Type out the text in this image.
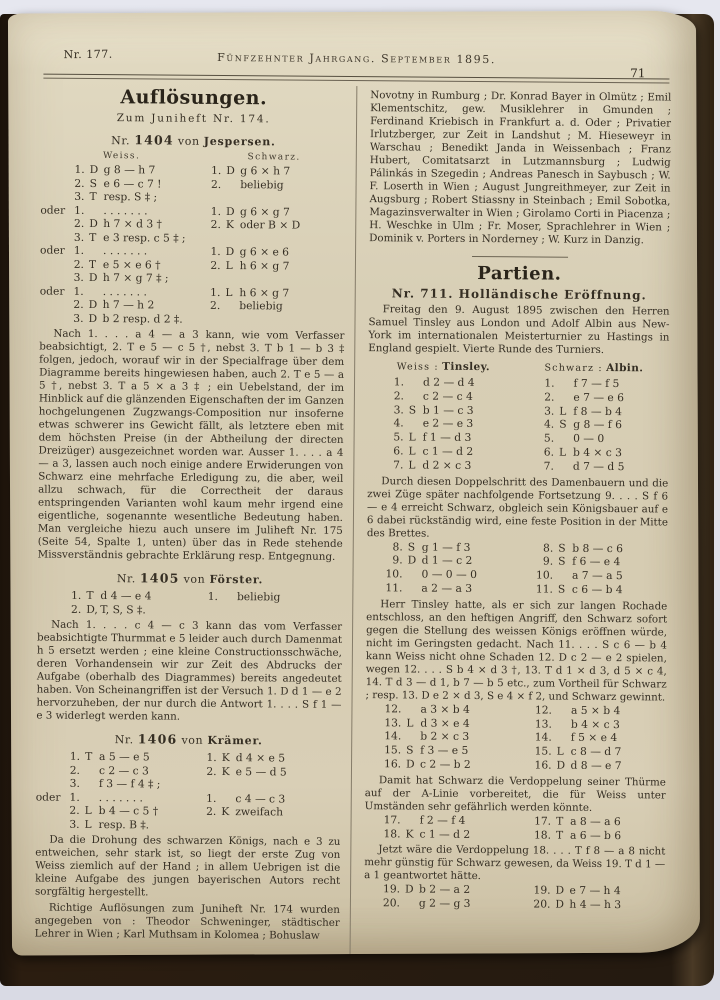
Nr. 177.	Fünfzehnter Jahrgang. September 1895.
71
Auflösungen.
Zum Juniheft Nr. 174.
Nr. 1404 von Jespersen.
Weiss.	Schwarz.
1. D g 8 — h 7	1. D g 6 × h 7
2. S e 6 — c 7 !	2. beliebig
3. T resp. S ‡ ;
oder 1. . . . . . . .	1. D g 6 × g 7
2. D h 7 × d 3 †	2. K oder B × D
3. T e 3 resp. c 5 ‡ ;
oder 1. . . . . . . .	1. D g 6 × e 6
2. T e 5 × e 6 †	2. L h 6 × g 7
3. D h 7 × g 7 ‡ ;
oder 1. . . . . . . .	1. L h 6 × g 7
2. D h 7 — h 2	2. beliebig
3. D b 2 resp. d 2 ‡.

Nach 1. . . . a 4 — a 3 kann, wie vom Verfasser beabsichtigt, 2. T e 5 — c 5 †, nebst 3. T b 1 — b 3 ‡ folgen, jedoch, worauf wir in der Specialfrage über dem Diagramme bereits hingewiesen haben, auch 2. T e 5 — a 5 †, nebst 3. T a 5 × a 3 ‡ ; ein Uebelstand, der im Hinblick auf die glänzenden Eigenschaften der im Ganzen hochgelungenen Zugzwangs-Composition nur insoferne etwas schwerer ins Gewicht fällt, als letztere eben mit dem höchsten Preise (in der Abtheilung der directen Dreizüger) ausgezeichnet worden war. Ausser 1. . . . a 4 — a 3, lassen auch noch einige andere Erwiderungen von Schwarz eine mehrfache Erledigung zu, die aber, weil allzu schwach, für die Correctheit der daraus entspringenden Varianten wohl kaum mehr irgend eine eigentliche, sogenannte wesentliche Bedeutung haben. Man vergleiche hiezu auch unsere im Juliheft Nr. 175 (Seite 54, Spalte 1, unten) über das in Rede stehende Missverständnis gebrachte Erklärung resp. Entgegnung.

Nr. 1405 von Förster.
1. T d 4 — e 4	1. beliebig
2. D, T, S, S ‡.

Nach 1. . . . c 4 — c 3 kann das vom Verfasser beabsichtigte Thurmmat e 5 leider auch durch Damenmat h 5 ersetzt werden ; eine kleine Constructionsschwäche, deren Vorhandensein wir zur Zeit des Abdrucks der Aufgabe (oberhalb des Diagrammes) bereits angedeutet haben. Von Scheinangriffen ist der Versuch 1. D d 1 — e 2 hervorzuheben, der nur durch die Antwort 1. . . . S f 1 — e 3 widerlegt werden kann.

Nr. 1406 von Krämer.
1. T a 5 — e 5	1. K d 4 × e 5
2. c 2 — c 3	2. K e 5 — d 5
3. f 3 — f 4 ‡ ;
oder 1. . . . . . . .	1. c 4 — c 3
2. L b 4 — c 5 †	2. K zweifach
3. L resp. B ‡.

Da die Drohung des schwarzen Königs, nach e 3 zu entweichen, sehr stark ist, so liegt der erste Zug von Weiss ziemlich auf der Hand ; in allem Uebrigen ist die kleine Aufgabe des jungen bayerischen Autors recht sorgfältig hergestellt.

Richtige Auflösungen zum Juniheft Nr. 174 wurden angegeben von : Theodor Schweninger, städtischer Lehrer in Wien ; Karl Muthsam in Kolomea ; Bohuslaw

Novotny in Rumburg ; Dr. Konrad Bayer in Olmütz ; Emil Klementschitz, gew. Musiklehrer in Gmunden ; Ferdinand Kriebisch in Frankfurt a. d. Oder ; Privatier Irlutzberger, zur Zeit in Landshut ; M. Hieseweyr in Warschau ; Benedikt Janda in Weissenbach ; Franz Hubert, Comitatsarzt in Lutzmannsburg ; Ludwig Pálinkás in Szegedin ; Andreas Panesch in Saybusch ; W. F. Loserth in Wien ; August Jungreithmeyer, zur Zeit in Augsburg ; Robert Stiassny in Steinbach ; Emil Sobotka, Magazinsverwalter in Wien ; Girolamo Corti in Piacenza ; H. Weschke in Ulm ; Fr. Moser, Sprachlehrer in Wien ; Dominik v. Porters in Norderney ; W. Kurz in Danzig.

Partien.
Nr. 711. Holländische Eröffnung.

Freitag den 9. August 1895 zwischen den Herren Samuel Tinsley aus London und Adolf Albin aus New-York im internationalen Meisterturnier zu Hastings in England gespielt. Vierte Runde des Turniers.

Weiss : Tinsley.	Schwarz : Albin.
1. d 2 — d 4	1. f 7 — f 5
2. c 2 — c 4	2. e 7 — e 6
3. S b 1 — c 3	3. L f 8 — b 4
4. e 2 — e 3	4. S g 8 — f 6
5. L f 1 — d 3	5. 0 — 0
6. L c 1 — d 2	6. L b 4 × c 3
7. L d 2 × c 3	7. d 7 — d 5

Durch diesen Doppelschritt des Damenbauern und die zwei Züge später nachfolgende Fortsetzung 9. . . . S f 6 — e 4 erreicht Schwarz, obgleich sein Königsbauer auf e 6 dabei rückständig wird, eine feste Position in der Mitte des Brettes.

8. S g 1 — f 3	8. S b 8 — c 6
9. D d 1 — c 2	9. S f 6 — e 4
10. 0 — 0 — 0	10. a 7 — a 5
11. a 2 — a 3	11. S c 6 — b 4

Herr Tinsley hatte, als er sich zur langen Rochade entschloss, an den heftigen Angriff, den Schwarz sofort gegen die Stellung des weissen Königs eröffnen würde, nicht im Geringsten gedacht. Nach 11. . . . S c 6 — b 4 kann Weiss nicht ohne Schaden 12. D c 2 — e 2 spielen, wegen 12. . . . S b 4 × d 3 †, 13. T d 1 × d 3, d 5 × c 4, 14. T d 3 — d 1, b 7 — b 5 etc., zum Vortheil für Schwarz ; resp. 13. D e 2 × d 3, S e 4 × f 2, und Schwarz gewinnt.

12. a 3 × b 4	12. a 5 × b 4
13. L d 3 × e 4	13. b 4 × c 3
14. b 2 × c 3	14. f 5 × e 4
15. S f 3 — e 5	15. L c 8 — d 7
16. D c 2 — b 2	16. D d 8 — e 7

Damit hat Schwarz die Verdoppelung seiner Thürme auf der A-Linie vorbereitet, die für Weiss unter Umständen sehr gefährlich werden könnte.

17. f 2 — f 4	17. T a 8 — a 6
18. K c 1 — d 2	18. T a 6 — b 6

Jetzt wäre die Verdoppelung 18. . . . T f 8 — a 8 nicht mehr günstig für Schwarz gewesen, da Weiss 19. T d 1 — a 1 geantwortet hätte.

19. D b 2 — a 2	19. D e 7 — h 4
20. g 2 — g 3	20. D h 4 — h 3
